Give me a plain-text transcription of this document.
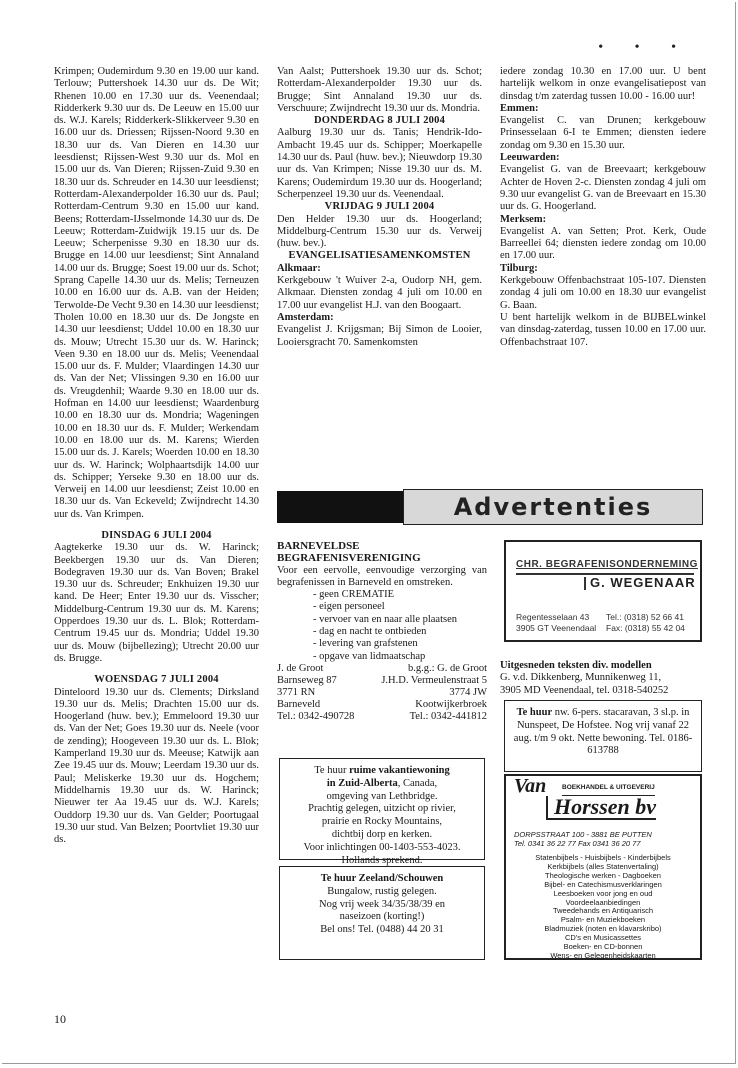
• • •

Krimpen; Oudemirdum 9.30 en 19.00 uur kand. Terlouw; Puttershoek 14.30 uur ds. De Wit; Rhenen 10.00 en 17.30 uur ds. Veenendaal; Ridderkerk 9.30 uur ds. De Leeuw en 15.00 uur ds. W.J. Karels; Ridderkerk-Slikkerveer 9.30 en 16.00 uur ds. Driessen; Rijssen-Noord 9.30 en 18.30 uur ds. Van Dieren en 14.30 uur leesdienst; Rijssen-West 9.30 uur ds. Mol en 15.00 uur ds. Van Dieren; Rijssen-Zuid 9.30 en 18.30 uur ds. Schreuder en 14.30 uur leesdienst; Rotterdam-Alexanderpolder 16.30 uur ds. Paul; Rotterdam-Centrum 9.30 en 15.00 uur kand. Beens; Rotterdam-IJsselmonde 14.30 uur ds. De Leeuw; Rotterdam-Zuidwijk 19.15 uur ds. De Leeuw; Scherpenisse 9.30 en 18.30 uur ds. Brugge en 14.00 uur leesdienst; Sint Annaland 14.00 uur ds. Brugge; Soest 19.00 uur ds. Schot; Sprang Capelle 14.30 uur ds. Melis; Terneuzen 10.00 en 16.00 uur ds. A.B. van der Heiden; Terwolde-De Vecht 9.30 en 14.30 uur leesdienst; Tholen 10.00 en 18.30 uur ds. De Jongste en 14.30 uur leesdienst; Uddel 10.00 en 18.30 uur ds. Mouw; Utrecht 15.30 uur ds. W. Harinck; Veen 9.30 en 18.00 uur ds. Melis; Veenendaal 15.00 uur ds. F. Mulder; Vlaardingen 14.30 uur ds. Van der Net; Vlissingen 9.30 en 16.00 uur ds. Vreugdenhil; Waarde 9.30 en 18.00 uur ds. Hofman en 14.00 uur leesdienst; Waardenburg 10.00 en 18.30 uur ds. Mondria; Wageningen 10.00 en 18.30 uur ds. F. Mulder; Werkendam 10.00 en 18.00 uur ds. M. Karens; Wierden 15.00 uur ds. J. Karels; Woerden 10.00 en 18.30 uur ds. W. Harinck; Wolphaartsdijk 14.00 uur ds. Schipper; Yerseke 9.30 en 18.00 uur ds. Verweij en 14.00 uur leesdienst; Zeist 10.00 en 18.30 uur ds. Van Eckeveld; Zwijndrecht 14.30 uur ds. Van Krimpen.

DINSDAG 6 JULI 2004

Aagtekerke 19.30 uur ds. W. Harinck; Beekbergen 19.30 uur ds. Van Dieren; Bodegraven 19.30 uur ds. Van Boven; Brakel 19.30 uur ds. Schreuder; Enkhuizen 19.30 uur kand. De Heer; Enter 19.30 uur ds. Visscher; Middelburg-Centrum 19.30 uur ds. M. Karens; Opperdoes 19.30 uur ds. L. Blok; Rotterdam-Centrum 19.45 uur ds. Mondria; Uddel 19.30 uur ds. Mouw (bijbellezing); Utrecht 20.00 uur ds. Brugge.

WOENSDAG 7 JULI 2004

Dinteloord 19.30 uur ds. Clements; Dirksland 19.30 uur ds. Melis; Drachten 15.00 uur ds. Hoogerland (huw. bev.); Emmeloord 19.30 uur ds. Van der Net; Goes 19.30 uur ds. Neele (voor de zending); Hoogeveen 19.30 uur ds. L. Blok; Kamperland 19.30 uur ds. Meeuse; Katwijk aan Zee 19.45 uur ds. Mouw; Leerdam 19.30 uur ds. Paul; Meliskerke 19.30 uur ds. Hogchem; Middelharnis 19.30 uur ds. W. Harinck; Nieuwer ter Aa 19.45 uur ds. W.J. Karels; Ouddorp 19.30 uur ds. Van Gelder; Poortugaal 19.30 uur stud. Van Belzen; Poortvliet 19.30 uur ds.

Van Aalst; Puttershoek 19.30 uur ds. Schot; Rotterdam-Alexanderpolder 19.30 uur ds. Brugge; Sint Annaland 19.30 uur ds. Verschuure; Zwijndrecht 19.30 uur ds. Mondria.

DONDERDAG 8 JULI 2004

Aalburg 19.30 uur ds. Tanis; Hendrik-Ido-Ambacht 19.45 uur ds. Schipper; Moerkapelle 14.30 uur ds. Paul (huw. bev.); Nieuwdorp 19.30 uur ds. Van Krimpen; Nisse 19.30 uur ds. M. Karens; Oudemirdum 19.30 uur ds. Hoogerland; Scherpenzeel 19.30 uur ds. Veenendaal.

VRIJDAG 9 JULI 2004

Den Helder 19.30 uur ds. Hoogerland; Middelburg-Centrum 15.30 uur ds. Verweij (huw. bev.).

EVANGELISATIESAMENKOMSTEN

Alkmaar:

Kerkgebouw 't Wuiver 2-a, Oudorp NH, gem. Alkmaar. Diensten zondag 4 juli om 10.00 en 17.00 uur evangelist H.J. van den Boogaart.

Amsterdam:

Evangelist J. Krijgsman; Bij Simon de Looier, Looiersgracht 70. Samenkomsten

iedere zondag 10.30 en 17.00 uur. U bent hartelijk welkom in onze evangelisatiepost van dinsdag t/m zaterdag tussen 10.00 - 16.00 uur!

Emmen:

Evangelist C. van Drunen; kerkgebouw Prinsesselaan 6-I te Emmen; diensten iedere zondag om 9.30 en 15.30 uur.

Leeuwarden:

Evangelist G. van de Breevaart; kerkgebouw Achter de Hoven 2-c. Diensten zondag 4 juli om 9.30 uur evangelist G. van de Breevaart en 15.30 uur ds. G. Hoogerland.

Merksem:

Evangelist A. van Setten; Prot. Kerk, Oude Barreellei 64; diensten iedere zondag om 10.00 en 17.00 uur.

Tilburg:

Kerkgebouw Offenbachstraat 105-107. Diensten zondag 4 juli om 10.00 en 18.30 uur evangelist G. Baan.

U bent hartelijk welkom in de BIJBELwinkel van dinsdag-zaterdag, tussen 10.00 en 17.00 uur. Offenbachstraat 107.

Advertenties
BARNEVELDSE
BEGRAFENISVERENIGING

Voor een eervolle, eenvoudige verzorging van begrafenissen in Barneveld en omstreken.

- geen CREMATIE
- eigen personeel
- vervoer van en naar alle plaatsen
- dag en nacht te ontbieden
- levering van grafstenen
- opgave van lidmaatschap
J. de Groot	b.g.g.: G. de Groot
Barnseweg 87	J.H.D. Vermeulenstraat 5
3771 RN	3774 JW
Barneveld	Kootwijkerbroek
Tel.: 0342-490728	Tel.: 0342-441812
Te huur ruime vakantiewoning
in Zuid-Alberta, Canada,
omgeving van Lethbridge.
Prachtig gelegen, uitzicht op rivier,
prairie en Rocky Mountains,
dichtbij dorp en kerken.
Voor inlichtingen 00-1403-553-4023.
Hollands sprekend.
Te huur Zeeland/Schouwen
Bungalow, rustig gelegen.
Nog vrij week 34/35/38/39 en
naseizoen (korting!)
Bel ons! Tel. (0488) 44 20 31
CHR. BEGRAFENISONDERNEMING
G. WEGENAAR
Regentesselaan 43
3905 GT Veenendaal
Tel.: (0318) 52 66 41
Fax: (0318) 55 42 04
Uitgesneden teksten div. modellen
G. v.d. Dikkenberg, Munnikenweg 11,
3905 MD Veenendaal, tel. 0318-540252
Te huur nw. 6-pers. stacaravan, 3 sl.p. in Nunspeet, De Hofstee. Nog vrij vanaf 22 aug. t/m 9 okt. Nette bewoning. Tel. 0186-613788
Van BOEKHANDEL & UITGEVERIJ
Horssen bv
DORPSSTRAAT 100 - 3881 BE PUTTEN
Tel. 0341 36 22 77 Fax 0341 36 20 77
Statenbijbels - Huisbijbels - Kinderbijbels
Kerkbijbels (alles Statenvertaling)
Theologische werken - Dagboeken
Bijbel- en Catechismusverklaringen
Leesboeken voor jong en oud
Voordeelaanbiedingen
Tweedehands en Antiquarisch
Psalm- en Muziekboeken
Bladmuziek (noten en klavarskribo)
CD's en Musicassettes
Boeken- en CD-bonnen
Wens- en Gelegenheidskaarten
10
